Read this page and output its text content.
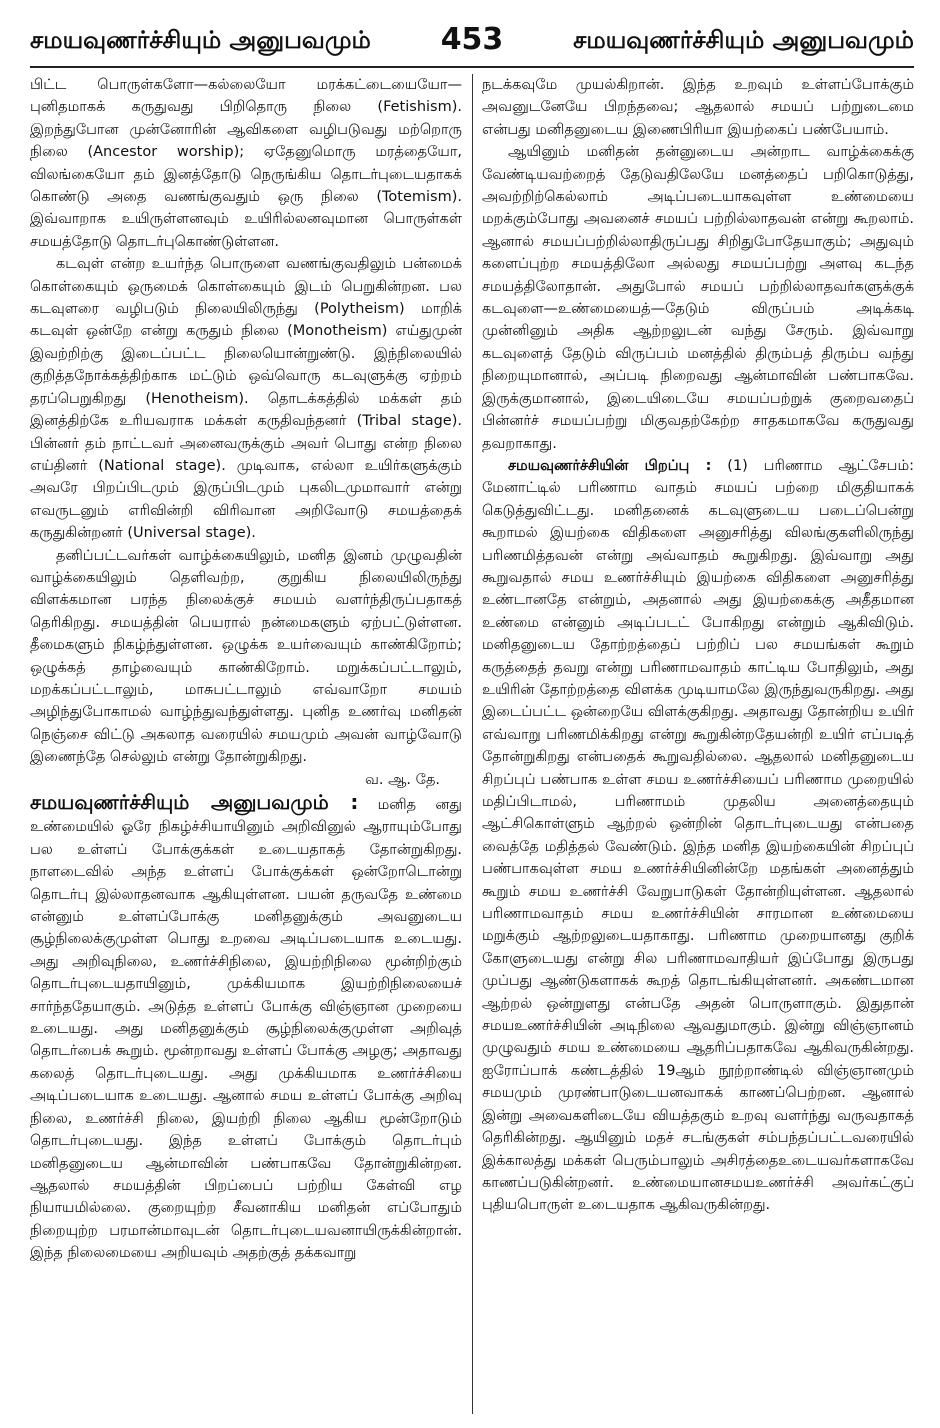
சமயவுணர்ச்சியும் அனுபவமும் 453	சமயவுணர்ச்சியும் அனுபவமும்

பிட்ட பொருள்களோ—கல்லையோ மரக்கட்டையையோ—புனிதமாகக் கருதுவது பிறிதொரு நிலை (Fetishism). இறந்துபோன முன்னோரின் ஆவிகளை வழிபடுவது மற்றொரு நிலை (Ancestor worship); ஏதேனுமொரு மரத்தையோ, விலங்கையோ தம் இனத்தோடு நெருங்கிய தொடர்புடையதாகக் கொண்டு அதை வணங்குவதும் ஒரு நிலை (Totemism). இவ்வாறாக உயிருள்ளனவும் உயிரில்லனவுமான பொருள்கள் சமயத்தோடு தொடர்புகொண்டுள்ளன.

கடவுள் என்ற உயர்ந்த பொருளை வணங்குவதிலும் பன்மைக் கொள்கையும் ஒருமைக் கொள்கையும் இடம் பெறுகின்றன. பல கடவுளரை வழிபடும் நிலையிலிருந்து (Polytheism) மாறிக் கடவுள் ஒன்றே என்று கருதும் நிலை (Monotheism) எய்துமுன் இவற்றிற்கு இடைப்பட்ட நிலையொன்றுண்டு. இந்நிலையில் குறித்தநோக்கத்திற்காக மட்டும் ஒவ்வொரு கடவுளுக்கு ஏற்றம் தரப்பெறுகிறது (Henotheism). தொடக்கத்தில் மக்கள் தம் இனத்திற்கே உரியவராக மக்கள் கருதிவந்தனர் (Tribal stage). பின்னர் தம் நாட்டவர் அனைவருக்கும் அவர் பொது என்ற நிலை எய்தினர் (National stage). முடிவாக, எல்லா உயிர்களுக்கும் அவரே பிறப்பிடமும் இருப்பிடமும் புகலிடமுமாவார் என்று எவருடனும் எரிவின்றி விரிவான அறிவோடு சமயத்தைக் கருதுகின்றனர் (Universal stage).

தனிப்பட்டவர்கள் வாழ்க்கையிலும், மனித இனம் முழுவதின் வாழ்க்கையிலும் தெளிவற்ற, குறுகிய நிலையிலிருந்து விளக்கமான பரந்த நிலைக்குச் சமயம் வளர்ந்திருப்பதாகத் தெரிகிறது. சமயத்தின் பெயரால் நன்மைகளும் ஏற்பட்டுள்ளன. தீமைகளும் நிகழ்ந்துள்ளன. ஒழுக்க உயர்வையும் காண்கிறோம்; ஒழுக்கத் தாழ்வையும் காண்கிறோம். மறுக்கப்பட்டாலும், மறக்கப்பட்டாலும், மாசுபட்டாலும் எவ்வாறோ சமயம் அழிந்துபோகாமல் வாழ்ந்துவந்துள்ளது. புனித உணர்வு மனிதன் நெஞ்சை விட்டு அகலாத வரையில் சமயமும் அவன் வாழ்வோடு இணைந்தே செல்லும் என்று தோன்றுகிறது.

வ. ஆ. தே.

சமயவுணர்ச்சியும் அனுபவமும் : மனித னது உண்மையில் ஓரே நிகழ்ச்சியாயினும் அறிவினுல் ஆராயும்போது பல உள்ளப் போக்குக்கள் உடையதாகத் தோன்றுகிறது. நாளடைவில் அந்த உள்ளப் போக்குக்கள் ஒன்றோடொன்று தொடர்பு இல்லாதனவாக ஆகியுள்ளன. பயன் தருவதே உண்மை என்னும் உள்ளப்போக்கு மனிதனுக்கும் அவனுடைய சூழ்நிலைக்குமுள்ள பொது உறவை அடிப்படையாக உடையது. அது அறிவுநிலை, உணர்ச்சிநிலை, இயற்றிநிலை மூன்றிற்கும் தொடர்புடையதாயினும், முக்கியமாக இயற்றிநிலையைச் சார்ந்ததேயாகும். அடுத்த உள்ளப் போக்கு விஞ்ஞான முறையை உடையது. அது மனிதனுக்கும் சூழ்நிலைக்குமுள்ள அறிவுத் தொடர்பைக் கூறும். மூன்றாவது உள்ளப் போக்கு அழகு; அதாவது கலைத் தொடர்புடையது. அது முக்கியமாக உணர்ச்சியை அடிப்படையாக உடையது. ஆனால் சமய உள்ளப் போக்கு அறிவு நிலை, உணர்ச்சி நிலை, இயற்றி நிலை ஆகிய மூன்றோடும் தொடர்புடையது. இந்த உள்ளப் போக்கும் தொடர்பும் மனிதனுடைய ஆன்மாவின் பண்பாகவே தோன்றுகின்றன. ஆதலால் சமயத்தின் பிறப்பைப் பற்றிய கேள்வி எழ நியாயமில்லை. குறையுற்ற சீவனாகிய மனிதன் எப்போதும் நிறையுற்ற பரமான்மாவுடன் தொடர்புடையவனாயிருக்கின்றான். இந்த நிலைமையை அறியவும் அதற்குத் தக்கவாறு

நடக்கவுமே முயல்கிறான். இந்த உறவும் உள்ளப்போக்கும் அவனுடனேயே பிறந்தவை; ஆதலால் சமயப் பற்றுடைமை என்பது மனிதனுடைய இணைபிரியா இயற்கைப் பண்பேயாம்.

ஆயினும் மனிதன் தன்னுடைய அன்றாட வாழ்க்கைக்கு வேண்டியவற்றைத் தேடுவதிலேயே மனத்தைப் பறிகொடுத்து, அவற்றிற்கெல்லாம் அடிப்படையாகவுள்ள உண்மையை மறக்கும்போது அவனைச் சமயப் பற்றில்லாதவன் என்று கூறலாம். ஆனால் சமயப்பற்றில்லாதிருப்பது சிறிதுபோதேயாகும்; அதுவும் களைப்புற்ற சமயத்திலோ அல்லது சமயப்பற்று அளவு கடந்த சமயத்திலோதான். அதுபோல் சமயப் பற்றில்லாதவர்களுக்குக் கடவுளை—உண்மையைத்—தேடும் விருப்பம் அடிக்கடி முன்னினும் அதிக ஆற்றலுடன் வந்து சேரும். இவ்வாறு கடவுளைத் தேடும் விருப்பம் மனத்தில் திரும்பத் திரும்ப வந்து நிறையுமானால், அப்படி நிறைவது ஆன்மாவின் பண்பாகவே. இருக்குமானால், இடையிடையே சமயப்பற்றுக் குறைவதைப் பின்னர்ச் சமயப்பற்று மிகுவதற்கேற்ற சாதகமாகவே கருதுவது தவறாகாது.

சமயவுணர்ச்சியின் பிறப்பு : (1) பரிணாம ஆட்சேபம்: மேனாட்டில் பரிணாம வாதம் சமயப் பற்றை மிகுதியாகக் கெடுத்துவிட்டது. மனிதனைக் கடவுளுடைய படைப்பென்று கூறாமல் இயற்கை விதிகளை அனுசரித்து விலங்குகளிலிருந்து பரிணமித்தவன் என்று அவ்வாதம் கூறுகிறது. இவ்வாறு அது கூறுவதால் சமய உணர்ச்சியும் இயற்கை விதிகளை அனுசரித்து உண்டானதே என்றும், அதனால் அது இயற்கைக்கு அதீதமான உண்மை என்னும் அடிப்படட் போகிறது என்றும் ஆகிவிடும். மனிதனுடைய தோற்றத்தைப் பற்றிப் பல சமயங்கள் கூறும் கருத்தைத் தவறு என்று பரிணாமவாதம் காட்டிய போதிலும், அது உயிரின் தோற்றத்தை விளக்க முடியாமலே இருந்துவருகிறது. அது இடைப்பட்ட ஒன்றையே விளக்குகிறது. அதாவது தோன்றிய உயிர் எவ்வாறு பரிணமிக்கிறது என்று கூறுகின்றதேயன்றி உயிர் எப்படித் தோன்றுகிறது என்பதைக் கூறுவதில்லை. ஆதலால் மனிதனுடைய சிறப்புப் பண்பாக உள்ள சமய உணர்ச்சியைப் பரிணாம முறையில் மதிப்பிடாமல், பரிணாமம் முதலிய அனைத்தையும் ஆட்சிகொள்ளும் ஆற்றல் ஒன்றின் தொடர்புடையது என்பதை வைத்தே மதித்தல் வேண்டும். இந்த மனித இயற்கையின் சிறப்புப் பண்பாகவுள்ள சமய உணர்ச்சியினின்றே மதங்கள் அனைத்தும் கூறும் சமய உணர்ச்சி வேறுபாடுகள் தோன்றியுள்ளன. ஆதலால் பரிணாமவாதம் சமய உணர்ச்சியின் சாரமான உண்மையை மறுக்கும் ஆற்றலுடையதாகாது. பரிணாம முறையானது குறிக் கோளுடையது என்று சில பரிணாமவாதியர் இப்போது இருபது முப்பது ஆண்டுகளாகக் கூறத் தொடங்கியுள்ளனர். அகண்டமான ஆற்றல் ஒன்றுளது என்பதே அதன் பொருளாகும். இதுதான் சமயஉணர்ச்சியின் அடிநிலை ஆவதுமாகும். இன்று விஞ்ஞானம் முழுவதும் சமய உண்மையை ஆதரிப்பதாகவே ஆகிவருகின்றது. ஐரோப்பாக் கண்டத்தில் 19ஆம் நூற்றாண்டில் விஞ்ஞானமும் சமயமும் முரண்பாடுடையனவாகக் காணப்பெற்றன. ஆனால் இன்று அவைகளிடையே வியத்தகும் உறவு வளர்ந்து வருவதாகத் தெரிகின்றது. ஆயினும் மதச் சடங்குகள் சம்பந்தப்பட்டவரையில் இக்காலத்து மக்கள் பெரும்பாலும் அசிரத்தைஉடையவர்களாகவே காணப்படுகின்றனர். உண்மையானசமயஉணர்ச்சி அவர்கட்குப் புதியபொருள் உடையதாக ஆகிவருகின்றது.
